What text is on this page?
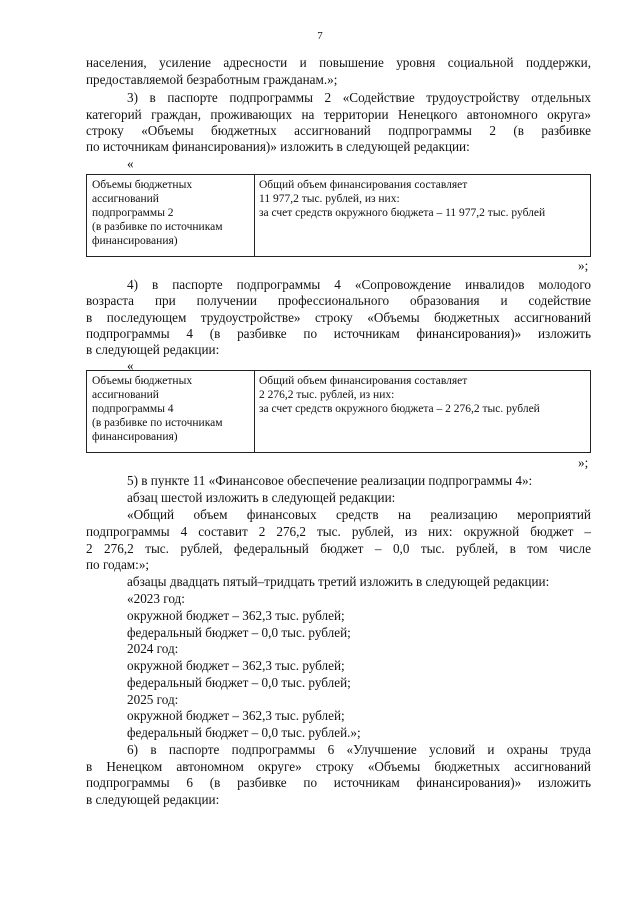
7
населения, усиление адресности и повышение уровня социальной поддержки,
предоставляемой безработным гражданам.»;
3) в паспорте подпрограммы 2 «Содействие трудоустройству отдельных
категорий граждан, проживающих на территории Ненецкого автономного округа»
строку «Объемы бюджетных ассигнований подпрограммы 2 (в разбивке
по источникам финансирования)» изложить в следующей редакции:
«
Объемы бюджетных
ассигнований
подпрограммы 2
(в разбивке по источникам
финансирования)
Общий объем финансирования составляет
11 977,2 тыс. рублей, из них:
за счет средств окружного бюджета – 11 977,2 тыс. рублей
»;
4) в паспорте подпрограммы 4 «Сопровождение инвалидов молодого
возраста при получении профессионального образования и содействие
в последующем трудоустройстве» строку «Объемы бюджетных ассигнований
подпрограммы 4 (в разбивке по источникам финансирования)» изложить
в следующей редакции:
«
Объемы бюджетных
ассигнований
подпрограммы 4
(в разбивке по источникам
финансирования)
Общий объем финансирования составляет
2 276,2 тыс. рублей, из них:
за счет средств окружного бюджета – 2 276,2 тыс. рублей
»;
5) в пункте 11 «Финансовое обеспечение реализации подпрограммы 4»:
абзац шестой изложить в следующей редакции:
«Общий объем финансовых средств на реализацию мероприятий
подпрограммы 4 составит 2 276,2 тыс. рублей, из них: окружной бюджет –
2 276,2 тыс. рублей, федеральный бюджет – 0,0 тыс. рублей, в том числе
по годам:»;
абзацы двадцать пятый–тридцать третий изложить в следующей редакции:
«2023 год:
окружной бюджет – 362,3 тыс. рублей;
федеральный бюджет – 0,0 тыс. рублей;
2024 год:
окружной бюджет – 362,3 тыс. рублей;
федеральный бюджет – 0,0 тыс. рублей;
2025 год:
окружной бюджет – 362,3 тыс. рублей;
федеральный бюджет – 0,0 тыс. рублей.»;
6) в паспорте подпрограммы 6 «Улучшение условий и охраны труда
в Ненецком автономном округе» строку «Объемы бюджетных ассигнований
подпрограммы 6 (в разбивке по источникам финансирования)» изложить
в следующей редакции:
